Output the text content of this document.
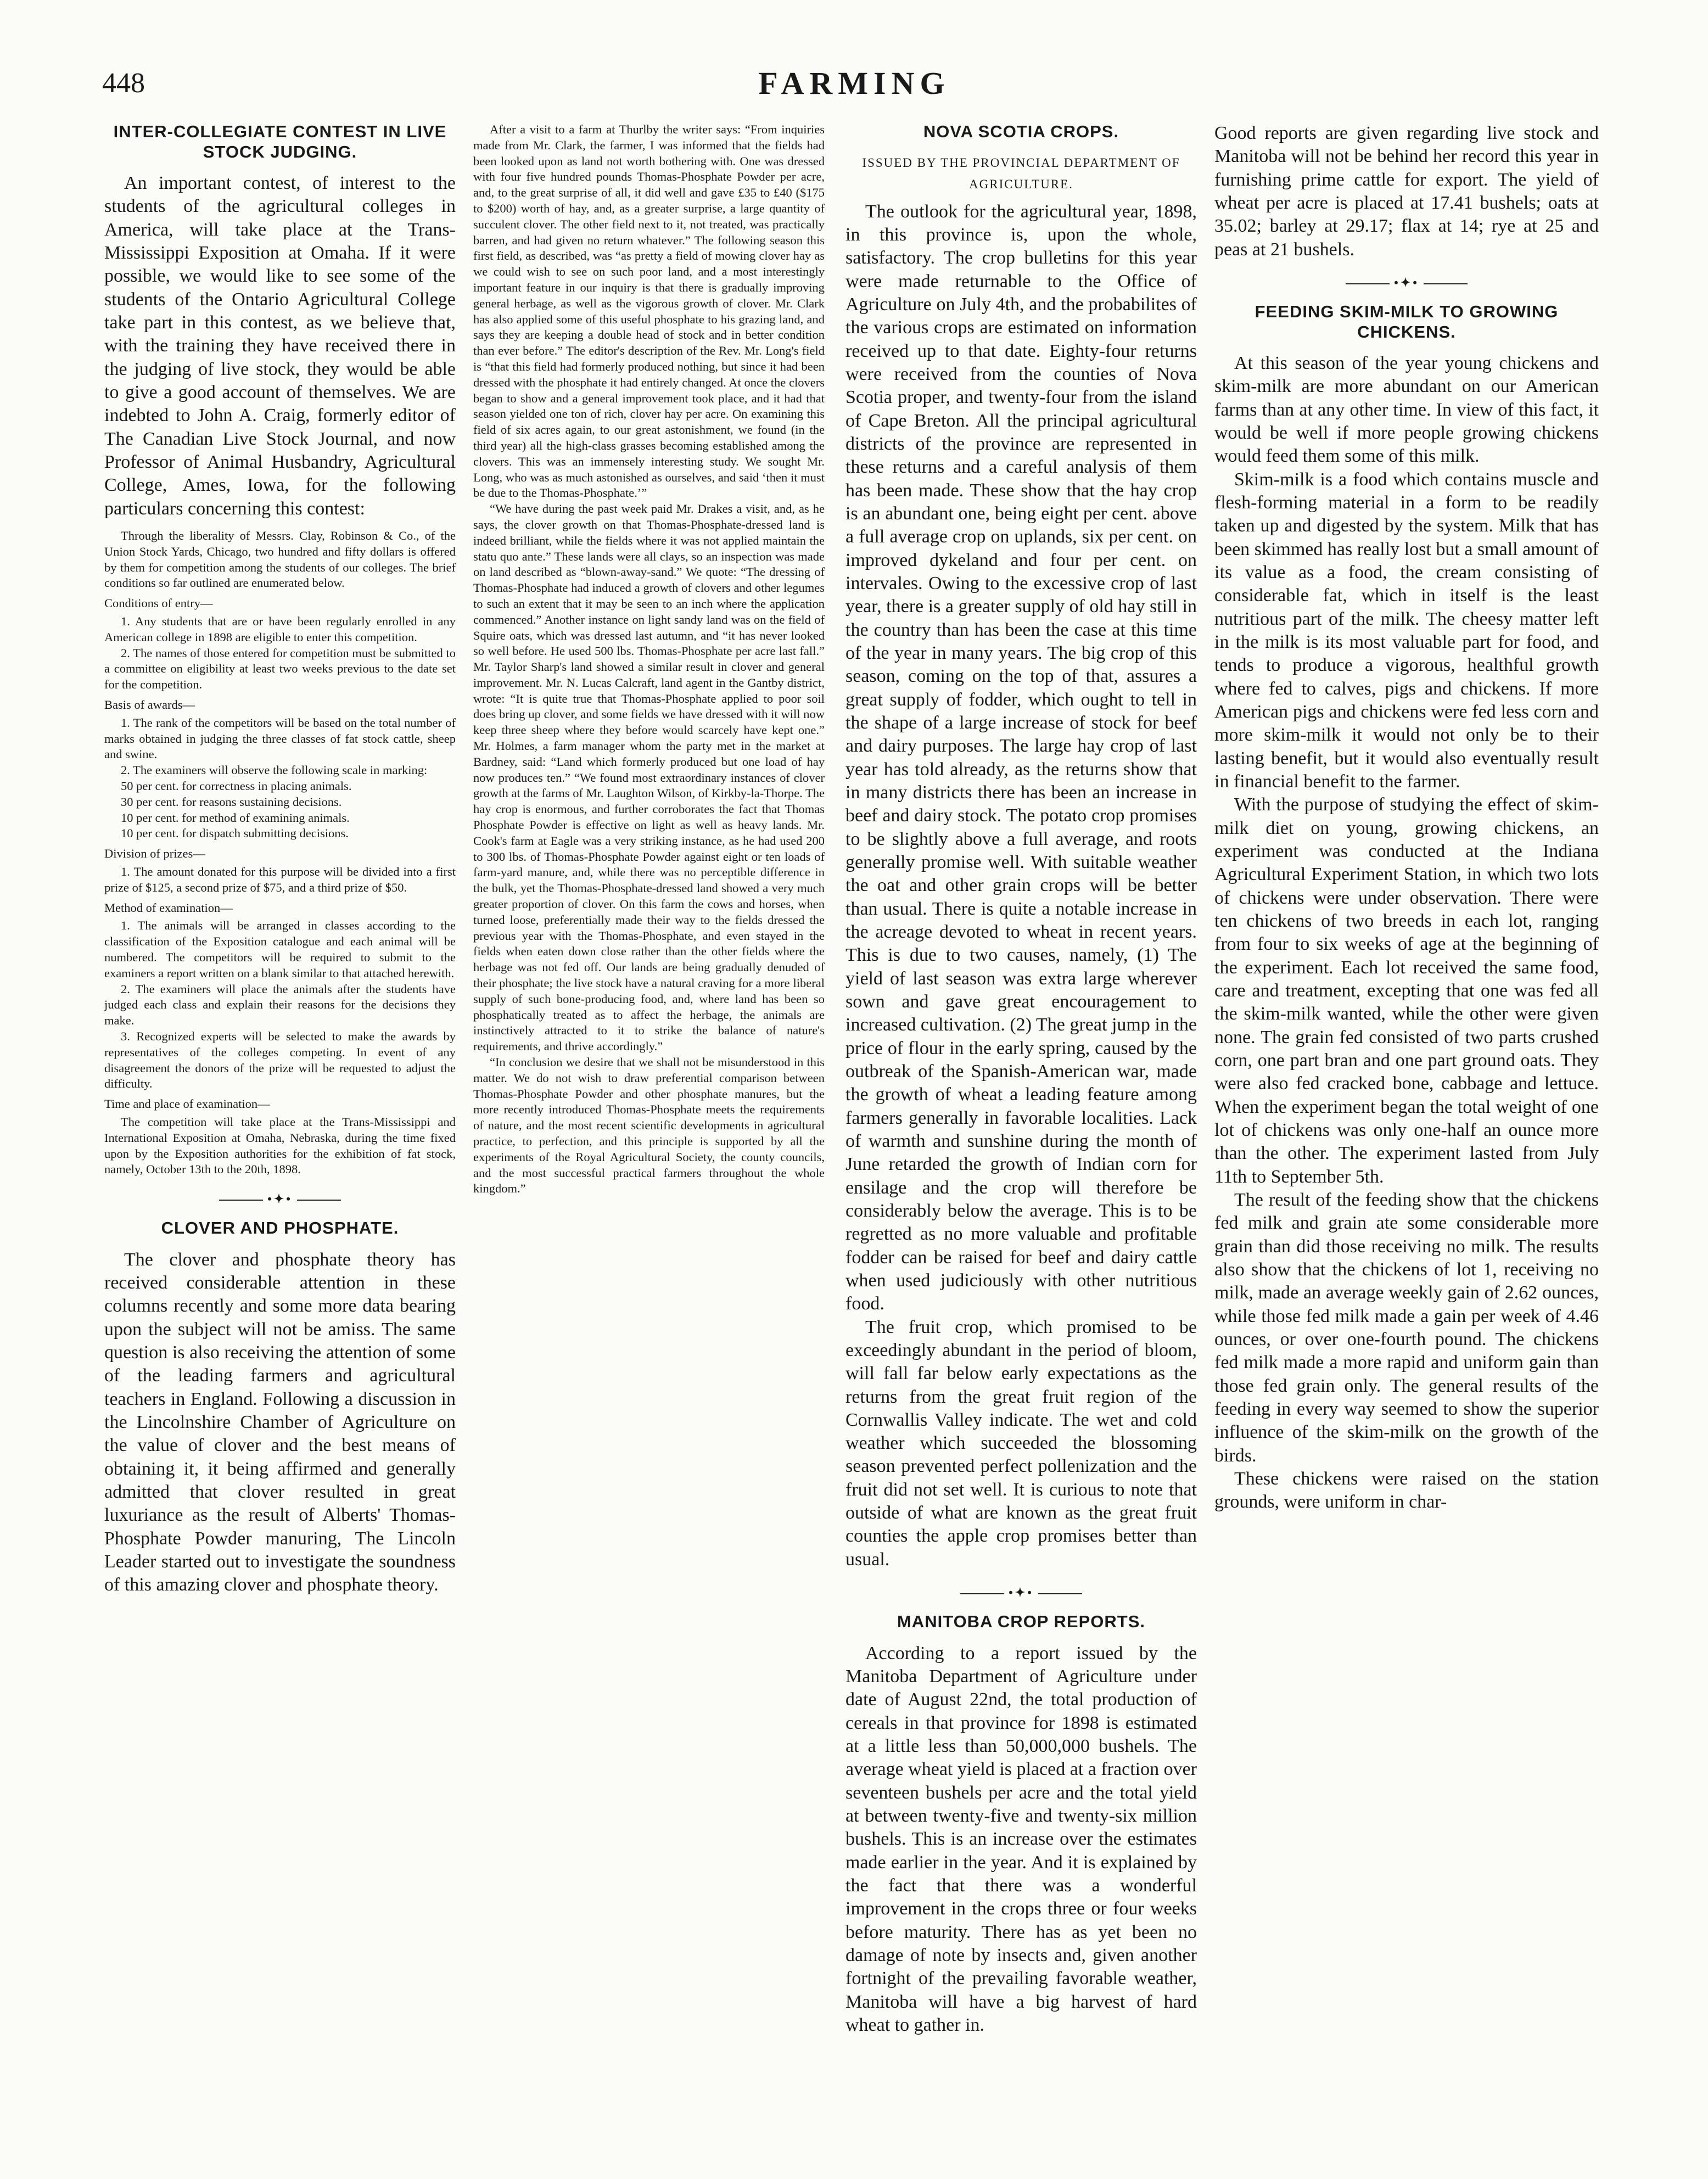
448	FARMING
INTER-COLLEGIATE CONTEST IN LIVE STOCK JUDGING.

An important contest, of interest to the students of the agricultural colleges in America, will take place at the Trans-Mississippi Exposition at Omaha. If it were possible, we would like to see some of the students of the Ontario Agricultural College take part in this contest, as we believe that, with the training they have received there in the judging of live stock, they would be able to give a good account of themselves. We are indebted to John A. Craig, formerly editor of The Canadian Live Stock Journal, and now Professor of Animal Husbandry, Agricultural College, Ames, Iowa, for the following particulars concerning this contest:

Through the liberality of Messrs. Clay, Robinson & Co., of the Union Stock Yards, Chicago, two hundred and fifty dollars is offered by them for competition among the students of our colleges. The brief conditions so far outlined are enumerated below.

Conditions of entry—

1. Any students that are or have been regularly enrolled in any American college in 1898 are eligible to enter this competition.

2. The names of those entered for competition must be submitted to a committee on eligibility at least two weeks previous to the date set for the competition.

Basis of awards—

1. The rank of the competitors will be based on the total number of marks obtained in judging the three classes of fat stock cattle, sheep and swine.

2. The examiners will observe the following scale in marking:

50 per cent. for correctness in placing animals.

30 per cent. for reasons sustaining decisions.

10 per cent. for method of examining animals.

10 per cent. for dispatch submitting decisions.

Division of prizes—

1. The amount donated for this purpose will be divided into a first prize of $125, a second prize of $75, and a third prize of $50.

Method of examination—

1. The animals will be arranged in classes according to the classification of the Exposition catalogue and each animal will be numbered. The competitors will be required to submit to the examiners a report written on a blank similar to that attached herewith.

2. The examiners will place the animals after the students have judged each class and explain their reasons for the decisions they make.

3. Recognized experts will be selected to make the awards by representatives of the colleges competing. In event of any disagreement the donors of the prize will be requested to adjust the difficulty.

Time and place of examination—

The competition will take place at the Trans-Mississippi and International Exposition at Omaha, Nebraska, during the time fixed upon by the Exposition authorities for the exhibition of fat stock, namely, October 13th to the 20th, 1898.

•✦•
CLOVER AND PHOSPHATE.

The clover and phosphate theory has received considerable attention in these columns recently and some more data bearing upon the subject will not be amiss. The same question is also receiving the attention of some of the leading farmers and agricultural teachers in England. Following a discussion in the Lincolnshire Chamber of Agriculture on the value of clover and the best means of obtaining it, it being affirmed and generally admitted that clover resulted in great luxuriance as the result of Alberts' Thomas-Phosphate Powder manuring, The Lincoln Leader started out to investigate the soundness of this amazing clover and phosphate theory.

After a visit to a farm at Thurlby the writer says: “From inquiries made from Mr. Clark, the farmer, I was informed that the fields had been looked upon as land not worth bothering with. One was dressed with four five hundred pounds Thomas-Phosphate Powder per acre, and, to the great surprise of all, it did well and gave £35 to £40 ($175 to $200) worth of hay, and, as a greater surprise, a large quantity of succulent clover. The other field next to it, not treated, was practically barren, and had given no return whatever.” The following season this first field, as described, was “as pretty a field of mowing clover hay as we could wish to see on such poor land, and a most interestingly important feature in our inquiry is that there is gradually improving general herbage, as well as the vigorous growth of clover. Mr. Clark has also applied some of this useful phosphate to his grazing land, and says they are keeping a double head of stock and in better condition than ever before.” The editor's description of the Rev. Mr. Long's field is “that this field had formerly produced nothing, but since it had been dressed with the phosphate it had entirely changed. At once the clovers began to show and a general improvement took place, and it had that season yielded one ton of rich, clover hay per acre. On examining this field of six acres again, to our great astonishment, we found (in the third year) all the high-class grasses becoming established among the clovers. This was an immensely interesting study. We sought Mr. Long, who was as much astonished as ourselves, and said ‘then it must be due to the Thomas-Phosphate.’”

“We have during the past week paid Mr. Drakes a visit, and, as he says, the clover growth on that Thomas-Phosphate-dressed land is indeed brilliant, while the fields where it was not applied maintain the statu quo ante.” These lands were all clays, so an inspection was made on land described as “blown-away-sand.” We quote: “The dressing of Thomas-Phosphate had induced a growth of clovers and other legumes to such an extent that it may be seen to an inch where the application commenced.” Another instance on light sandy land was on the field of Squire oats, which was dressed last autumn, and “it has never looked so well before. He used 500 lbs. Thomas-Phosphate per acre last fall.” Mr. Taylor Sharp's land showed a similar result in clover and general improvement. Mr. N. Lucas Calcraft, land agent in the Gantby district, wrote: “It is quite true that Thomas-Phosphate applied to poor soil does bring up clover, and some fields we have dressed with it will now keep three sheep where they before would scarcely have kept one.” Mr. Holmes, a farm manager whom the party met in the market at Bardney, said: “Land which formerly produced but one load of hay now produces ten.” “We found most extraordinary instances of clover growth at the farms of Mr. Laughton Wilson, of Kirkby-la-Thorpe. The hay crop is enormous, and further corroborates the fact that Thomas Phosphate Powder is effective on light as well as heavy lands. Mr. Cook's farm at Eagle was a very striking instance, as he had used 200 to 300 lbs. of Thomas-Phosphate Powder against eight or ten loads of farm-yard manure, and, while there was no perceptible difference in the bulk, yet the Thomas-Phosphate-dressed land showed a very much greater proportion of clover. On this farm the cows and horses, when turned loose, preferentially made their way to the fields dressed the previous year with the Thomas-Phosphate, and even stayed in the fields when eaten down close rather than the other fields where the herbage was not fed off. Our lands are being gradually denuded of their phosphate; the live stock have a natural craving for a more liberal supply of such bone-producing food, and, where land has been so phosphatically treated as to affect the herbage, the animals are instinctively attracted to it to strike the balance of nature's requirements, and thrive accordingly.”

“In conclusion we desire that we shall not be misunderstood in this matter. We do not wish to draw preferential comparison between Thomas-Phosphate Powder and other phosphate manures, but the more recently introduced Thomas-Phosphate meets the requirements of nature, and the most recent scientific developments in agricultural practice, to perfection, and this principle is supported by all the experiments of the Royal Agricultural Society, the county councils, and the most successful practical farmers throughout the whole kingdom.”

NOVA SCOTIA CROPS.
ISSUED BY THE PROVINCIAL DEPARTMENT OF AGRICULTURE.

The outlook for the agricultural year, 1898, in this province is, upon the whole, satisfactory. The crop bulletins for this year were made returnable to the Office of Agriculture on July 4th, and the probabilites of the various crops are estimated on information received up to that date. Eighty-four returns were received from the counties of Nova Scotia proper, and twenty-four from the island of Cape Breton. All the principal agricultural districts of the province are represented in these returns and a careful analysis of them has been made. These show that the hay crop is an abundant one, being eight per cent. above a full average crop on uplands, six per cent. on improved dykeland and four per cent. on intervales. Owing to the excessive crop of last year, there is a greater supply of old hay still in the country than has been the case at this time of the year in many years. The big crop of this season, coming on the top of that, assures a great supply of fodder, which ought to tell in the shape of a large increase of stock for beef and dairy purposes. The large hay crop of last year has told already, as the returns show that in many districts there has been an increase in beef and dairy stock. The potato crop promises to be slightly above a full average, and roots generally promise well. With suitable weather the oat and other grain crops will be better than usual. There is quite a notable increase in the acreage devoted to wheat in recent years. This is due to two causes, namely, (1) The yield of last season was extra large wherever sown and gave great encouragement to increased cultivation. (2) The great jump in the price of flour in the early spring, caused by the outbreak of the Spanish-American war, made the growth of wheat a leading feature among farmers generally in favorable localities. Lack of warmth and sunshine during the month of June retarded the growth of Indian corn for ensilage and the crop will therefore be considerably below the average. This is to be regretted as no more valuable and profitable fodder can be raised for beef and dairy cattle when used judiciously with other nutritious food.

The fruit crop, which promised to be exceedingly abundant in the period of bloom, will fall far below early expectations as the returns from the great fruit region of the Cornwallis Valley indicate. The wet and cold weather which succeeded the blossoming season prevented perfect pollenization and the fruit did not set well. It is curious to note that outside of what are known as the great fruit counties the apple crop promises better than usual.

•✦•
MANITOBA CROP REPORTS.

According to a report issued by the Manitoba Department of Agriculture under date of August 22nd, the total production of cereals in that province for 1898 is estimated at a little less than 50,000,000 bushels. The average wheat yield is placed at a fraction over seventeen bushels per acre and the total yield at between twenty-five and twenty-six million bushels. This is an increase over the estimates made earlier in the year. And it is explained by the fact that there was a wonderful improvement in the crops three or four weeks before maturity. There has as yet been no damage of note by insects and, given another fortnight of the prevailing favorable weather, Manitoba will have a big harvest of hard wheat to gather in.

Good reports are given regarding live stock and Manitoba will not be behind her record this year in furnishing prime cattle for export. The yield of wheat per acre is placed at 17.41 bushels; oats at 35.02; barley at 29.17; flax at 14; rye at 25 and peas at 21 bushels.

•✦•
FEEDING SKIM-MILK TO GROWING CHICKENS.

At this season of the year young chickens and skim-milk are more abundant on our American farms than at any other time. In view of this fact, it would be well if more people growing chickens would feed them some of this milk.

Skim-milk is a food which contains muscle and flesh-forming material in a form to be readily taken up and digested by the system. Milk that has been skimmed has really lost but a small amount of its value as a food, the cream consisting of considerable fat, which in itself is the least nutritious part of the milk. The cheesy matter left in the milk is its most valuable part for food, and tends to produce a vigorous, healthful growth where fed to calves, pigs and chickens. If more American pigs and chickens were fed less corn and more skim-milk it would not only be to their lasting benefit, but it would also eventually result in financial benefit to the farmer.

With the purpose of studying the effect of skim-milk diet on young, growing chickens, an experiment was conducted at the Indiana Agricultural Experiment Station, in which two lots of chickens were under observation. There were ten chickens of two breeds in each lot, ranging from four to six weeks of age at the beginning of the experiment. Each lot received the same food, care and treatment, excepting that one was fed all the skim-milk wanted, while the other were given none. The grain fed consisted of two parts crushed corn, one part bran and one part ground oats. They were also fed cracked bone, cabbage and lettuce. When the experiment began the total weight of one lot of chickens was only one-half an ounce more than the other. The experiment lasted from July 11th to September 5th.

The result of the feeding show that the chickens fed milk and grain ate some considerable more grain than did those receiving no milk. The results also show that the chickens of lot 1, receiving no milk, made an average weekly gain of 2.62 ounces, while those fed milk made a gain per week of 4.46 ounces, or over one-fourth pound. The chickens fed milk made a more rapid and uniform gain than those fed grain only. The general results of the feeding in every way seemed to show the superior influence of the skim-milk on the growth of the birds.

These chickens were raised on the station grounds, were uniform in char-
